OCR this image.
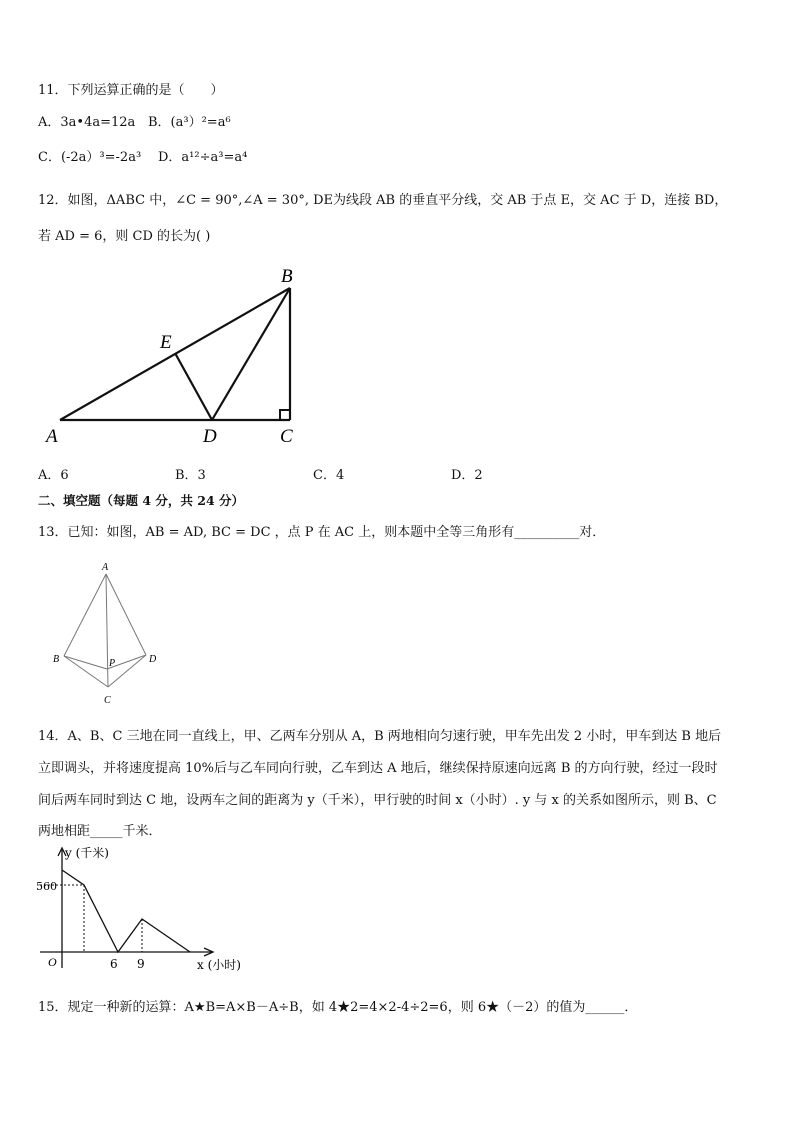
11．下列运算正确的是（　　）
A．3a•4a=12a B．(a³）²=a⁶
C．(-2a）³=-2a³ D．a¹²÷a³=a⁴
12．如图，ΔABC 中，∠C = 90°,∠A = 30°, DE为线段 AB 的垂直平分线，交 AB 于点 E，交 AC 于 D，连接 BD，
若 AD = 6，则 CD 的长为( )
A
B
C
D
E
A．6	B．3	C．4	D．2
二、填空题（每题 4 分，共 24 分）
13．已知：如图，AB = AD, BC = DC ，点 P 在 AC 上，则本题中全等三角形有__________对．
A
B	P	D
C
14．A、B、C 三地在同一直线上，甲、乙两车分别从 A，B 两地相向匀速行驶，甲车先出发 2 小时，甲车到达 B 地后
立即调头，并将速度提高 10%后与乙车同向行驶，乙车到达 A 地后，继续保持原速向远离 B 的方向行驶，经过一段时
间后两车同时到达 C 地，设两车之间的距离为 y（千米），甲行驶的时间 x（小时）. y 与 x 的关系如图所示，则 B、C
两地相距_____千米．
y (千米)
560
O	6 9	x (小时)
15．规定一种新的运算：A★B=A×B－A÷B，如 4★2=4×2-4÷2=6，则 6★（－2）的值为______．
